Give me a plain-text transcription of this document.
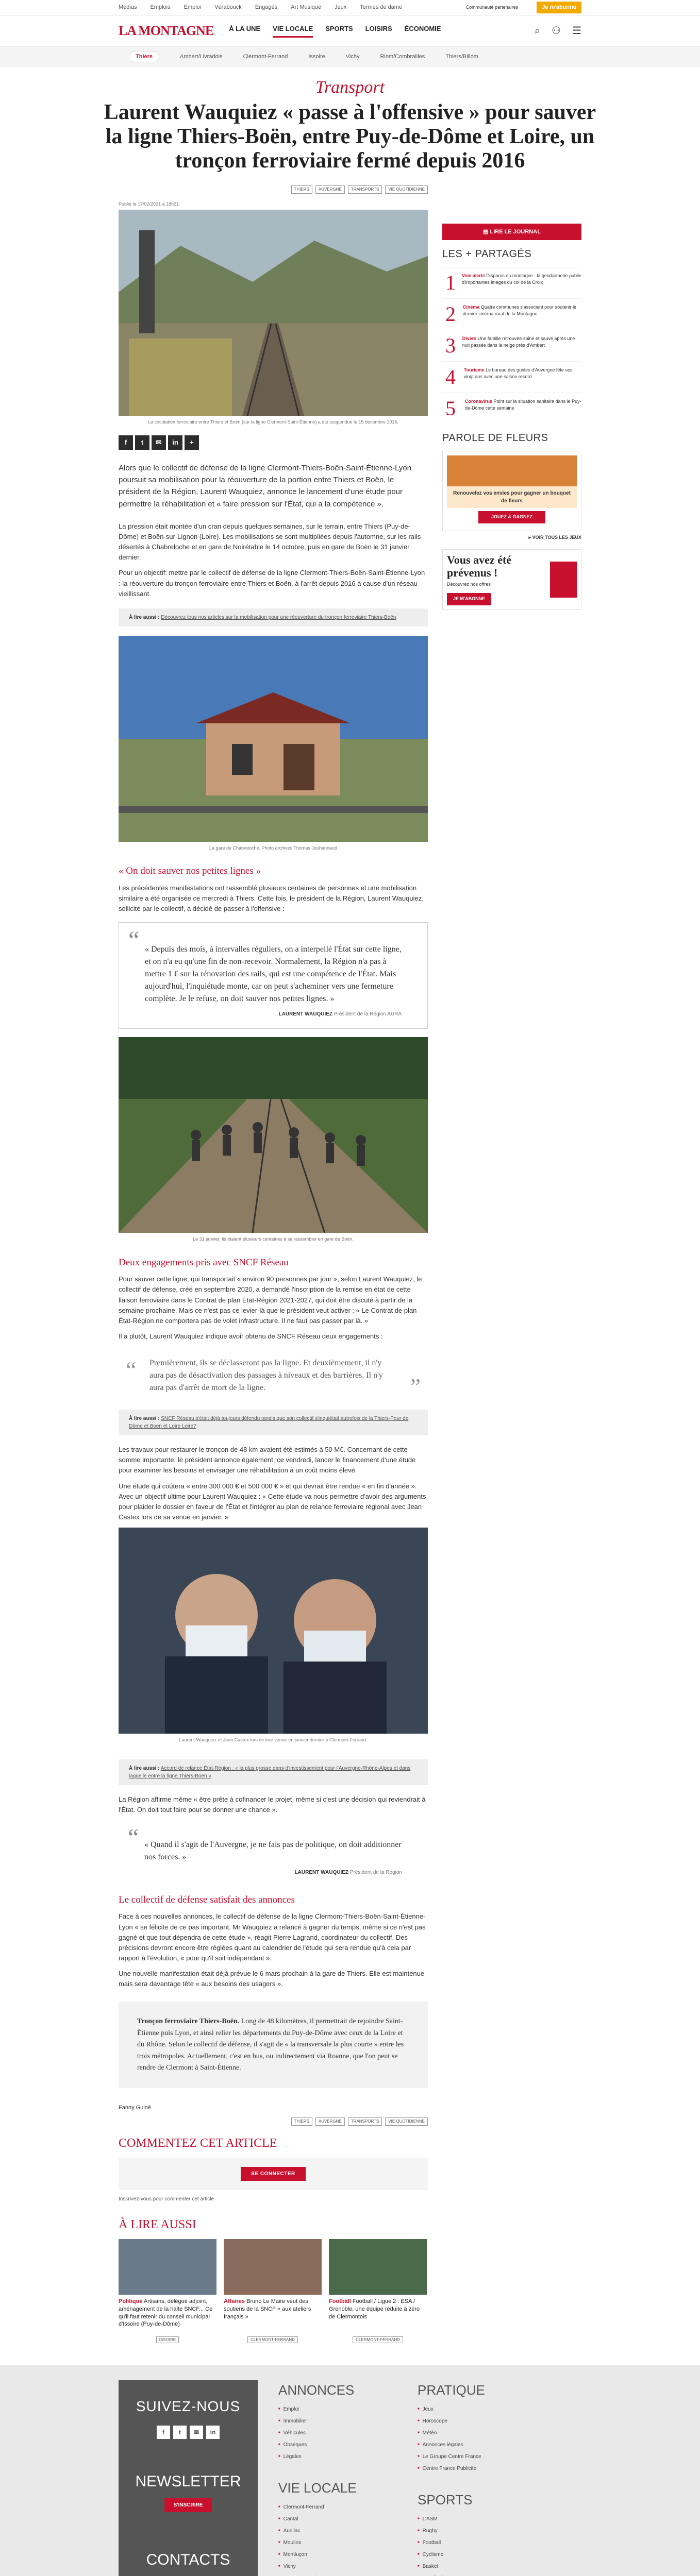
Médias Emplois Emploi Vérabouck Engagés Art Musique Jeux Termes de dame	Communauté partenaires	Je m'abonne
LA MONTAGNE À LA UNE VIE LOCALE SPORTS LOISIRS ÉCONOMIE	⌕ ⚇ ☰
Thiers	Ambert/Livradois	Clermont-Ferrand	Issoire	Vichy	Riom/Combrailles	Thiers/Billom
Transport
Laurent Wauquiez « passe à l'offensive » pour sauver la ligne Thiers-Boën, entre Puy-de-Dôme et Loire, un tronçon ferroviaire fermé depuis 2016
THIERS	AUVERGNE	TRANSPORTS	VIE QUOTIDIENNE
Publié le 17/02/2021 à 18h21
La circulation ferroviaire entre Thiers et Boën (sur la ligne Clermont-Saint-Étienne) a été suspendue le 15 décembre 2016.
f	t	✉	in	+

Alors que le collectif de défense de la ligne Clermont-Thiers-Boën-Saint-Étienne-Lyon poursuit sa mobilisation pour la réouverture de la portion entre Thiers et Boën, le président de la Région, Laurent Wauquiez, annonce le lancement d'une étude pour permettre la réhabilitation et « faire pression sur l'État, qui a la compétence ».

La pression était montée d'un cran depuis quelques semaines, sur le terrain, entre Thiers (Puy-de-Dôme) et Boën-sur-Lignon (Loire). Les mobilisations se sont multipliées depuis l'automne, sur les rails désertés à Chabreloche et en gare de Noirétable le 14 octobre, puis en gare de Boën le 31 janvier dernier.

Pour un objectif: mettre par le collectif de défense de la ligne Clermont-Thiers-Boën-Saint-Étienne-Lyon : la réouverture du tronçon ferroviaire entre Thiers et Boën, à l'arrêt depuis 2016 à cause d'un réseau vieillissant.

À lire aussi : Découvrez tous nos articles sur la mobilisation pour une réouverture du tronçon ferroviaire Thiers-Boën
La gare de Chabreloche. Photo archives Thomas Jouhannaud
« On doit sauver nos petites lignes »

Les précédentes manifestations ont rassemblé plusieurs centaines de personnes et une mobilisation similaire a été organisée ce mercredi à Thiers. Cette fois, le président de la Région, Laurent Wauquiez, sollicité par le collectif, a décidé de passer à l'offensive :

“ « Depuis des mois, à intervalles réguliers, on a interpellé l'État sur cette ligne, et on n'a eu qu'une fin de non-recevoir. Normalement, la Région n'a pas à mettre 1 € sur la rénovation des rails, qui est une compétence de l'État. Mais aujourd'hui, l'inquiétude monte, car on peut s'acheminer vers une fermeture complète. Je le refuse, on doit sauver nos petites lignes. »
LAURENT WAUQUIEZ Président de la Région AURA
Le 31 janvier, ils étaient plusieurs centaines à se rassembler en gare de Boën.
Deux engagements pris avec SNCF Réseau

Pour sauver cette ligne, qui transportait « environ 90 personnes par jour », selon Laurent Wauquiez, le collectif de défense, créé en septembre 2020, a demandé l'inscription de la remise en état de cette liaison ferroviaire dans le Contrat de plan État-Région 2021-2027, qui doit être discuté à partir de la semaine prochaine. Mais ce n'est pas ce levier-là que le président veut activer : « Le Contrat de plan État-Région ne comportera pas de volet infrastructure. Il ne faut pas passer par là. »

Il a plutôt, Laurent Wauquiez indique avoir obtenu de SNCF Réseau deux engagements :

“ Premièrement, ils se déclasseront pas la ligne. Et deuxièmement, il n'y aura pas de désactivation des passages à niveaux et des barrières. Il n'y aura pas d'arrêt de mort de la ligne.	”
À lire aussi : SNCF Réseau s'était déjà toujours défendu tandis que son collectif s'inquiétait autrefois de la Thiers-Pour de Dôme et Boën et Loire Loire?

Les travaux pour restaurer le tronçon de 48 km avaient été estimés à 50 M€. Concernant de cette somme importante, le président annonce également, ce vendredi, lancer le financement d'une étude pour examiner les besoins et envisager une réhabilitation à un coût moins élevé.

Une étude qui coûtera « entre 300 000 € et 500 000 € » et qui devrait être rendue « en fin d'année ». Avec un objectif ultime pour Laurent Wauquiez : « Cette étude va nous permettre d'avoir des arguments pour plaider le dossier en faveur de l'État et l'intégrer au plan de relance ferroviaire régional avec Jean Castex lors de sa venue en janvier. »

Laurent Wauquiez et Jean Castex lors de leur venue en janvier dernier à Clermont-Ferrand.
À lire aussi : Accord de relance État-Région : « la plus grosse dans d'investissement pour l'Auvergne-Rhône-Alpes et dans laquelle entre la ligne Thiers-Boën »

La Région affirme même « être prête à cofinancer le projet, même si c'est une décision qui reviendrait à l'État. On doit tout faire pour se donner une chance ».

“ « Quand il s'agit de l'Auvergne, je ne fais pas de politique, on doit additionner nos forces. »
LAURENT WAUQUIEZ Président de la Région
Le collectif de défense satisfait des annonces

Face à ces nouvelles annonces, le collectif de défense de la ligne Clermont-Thiers-Boën-Saint-Étienne-Lyon « se félicite de ce pas important. Mr Wauquiez a relancé à gagner du temps, même si ce n'est pas gagné et que tout dépendra de cette étude », réagit Pierre Lagrand, coordinateur du collectif. Des précisions devront encore être réglées quant au calendrier de l'étude qui sera rendue qu'à cela par rapport à l'évolution, « pour qu'il soit indépendant ».

Une nouvelle manifestation était déjà prévue le 6 mars prochain à la gare de Thiers. Elle est maintenue mais sera davantage tête « aux besoins des usagers ».

Tronçon ferroviaire Thiers-Boën. Long de 48 kilomètres, il permettrait de rejoindre Saint-Étienne puis Lyon, et ainsi relier les départements du Puy-de-Dôme avec ceux de la Loire et du Rhône. Selon le collectif de défense, il s'agit de « la transversale la plus courte » entre les trois métropoles. Actuellement, c'est en bus, ou indirectement via Roanne, que l'on peut se rendre de Clermont à Saint-Étienne.
Fanny Guiné
THIERS	AUVERGNE	TRANSPORTS	VIE QUOTIDIENNE
COMMENTEZ CET ARTICLE
SE CONNECTER
Inscrivez-vous pour commenter cet article
À LIRE AUSSI
Politique Artisans, délégué adjoint, aménagement de la halte SNCF... Ce qu'il faut retenir du conseil municipal d'Issoire (Puy-de-Dôme)
Affaires Bruno Le Maire veut des soutiens de la SNCF « aux ateliers français »
Football Football / Ligue 2 : ESA / Grenoble, une équipe réduite à zéro de Clermontois
ISSOIRE	CLERMONT-FERRAND	CLERMONT-FERRAND
▤ LIRE LE JOURNAL
LES + PARTAGÉS
1	Voie alerte Disparus en montagne : la gendarmerie publie d'importantes images du col de la Croix
2	Cinéma Quatre communes s'associent pour soutenir le dernier cinéma rural de la Montagne
3	Divers Une famille retrouvée saine et sauve après une nuit passée dans la neige près d'Ambert
4	Tourisme Le bureau des guides d'Auvergne fête ses vingt ans avec une saison record
5	Coronavirus Point sur la situation sanitaire dans le Puy-de-Dôme cette semaine
PAROLE DE FLEURS
Renouvelez vos envies pour gagner un bouquet de fleurs
JOUEZ & GAGNEZ
▸ VOIR TOUS LES JEUX
Vous avez été prévenus !
Découvrez nos offres
JE M'ABONNE
SUIVEZ-NOUS
f	t	✉	in
NEWSLETTER
S'INSCRIRE
CONTACTS
ANNONCES
■ Emploi
■ Immobilier
■ Véhicules
■ Obsèques
■ Légales
VIE LOCALE
■ Clermont-Ferrand
■ Cantal
■ Aurillac
■ Moulins
■ Montluçon
■ Vichy
■
PRATIQUE
■ Jeux
■ Horoscope
■ Météo
■ Annonces légales
■ Le Groupe Centre France
■ Centre France Publicité
SPORTS
■ L'ASM
■ Rugby
■ Football
■ Cyclisme
■ Basket
■
